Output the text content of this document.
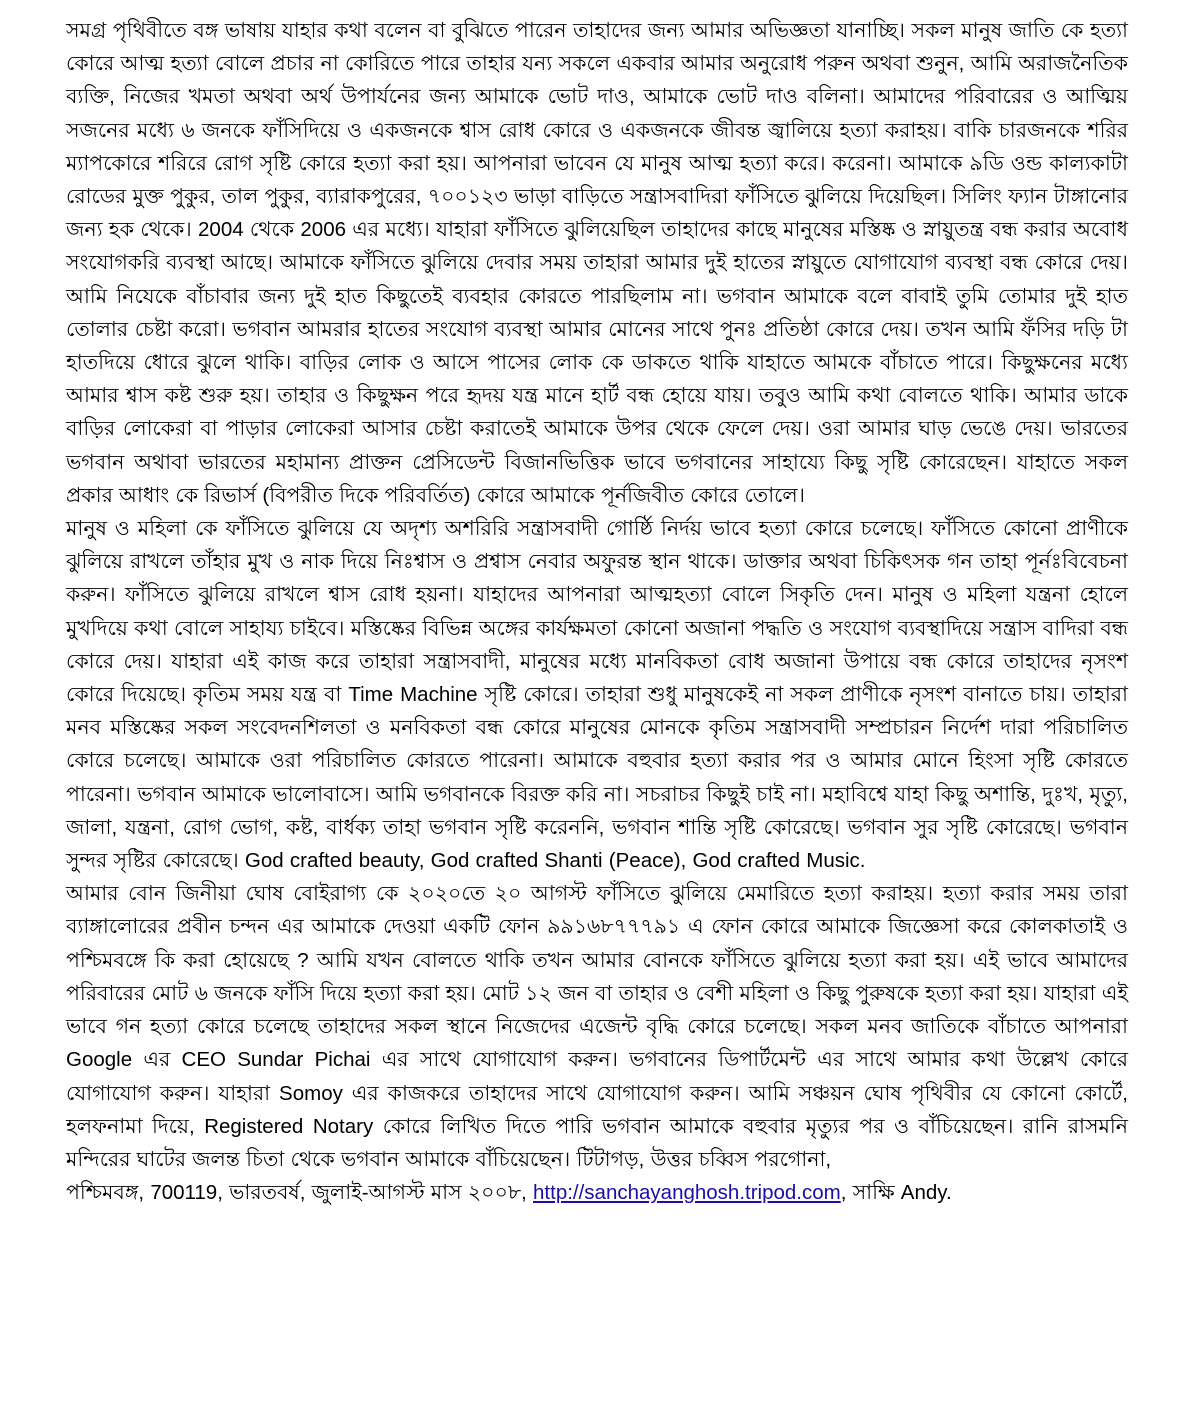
সমগ্র পৃথিবীতে বঙ্গ ভাষায় যাহার কথা বলেন বা বুঝিতে পারেন তাহাদের জন্য আমার অভিজ্ঞতা যানাচ্ছি। সকল মানুষ জাতি কে হত্যা কোরে আত্ম হত্যা বোলে প্রচার না কোরিতে পারে তাহার যন্য সকলে একবার আমার অনুরোধ পরুন অথবা শুনুন, আমি অরাজনৈতিক ব্যক্তি, নিজের খমতা অথবা অর্থ উপার্যনের জন্য আমাকে ভোট দাও, আমাকে ভোট দাও বলিনা। আমাদের পরিবারের ও আত্মিয় সজনের মধ্যে ৬ জনকে ফাঁসিদিয়ে ও একজনকে শ্বাস রোধ কোরে ও একজনকে জীবন্ত জ্বালিয়ে হত্যা করাহয়। বাকি চারজনকে শরির ম্যাপকোরে শরিরে রোগ সৃষ্টি কোরে হত্যা করা হয়। আপনারা ভাবেন যে মানুষ আত্ম হত্যা করে। করেনা। আমাকে ৯ডি ওন্ড কাল্যকাটা রোডের মুক্ত পুকুর, তাল পুকুর, ব্যারাকপুরের, ৭০০১২৩ ভাড়া বাড়িতে সন্ত্রাসবাদিরা ফাঁসিতে ঝুলিয়ে দিয়েছিল। সিলিং ফ্যান টাঙ্গানোর জন্য হক থেকে। 2004 থেকে 2006 এর মধ্যে। যাহারা ফাঁসিতে ঝুলিয়েছিল তাহাদের কাছে মানুষের মস্তিষ্ক ও স্নায়ুতন্ত্র বন্ধ করার অবোধ সংযোগকরি ব্যবস্থা আছে। আমাকে ফাঁসিতে ঝুলিয়ে দেবার সময় তাহারা আমার দুই হাতের স্নায়ুতে যোগাযোগ ব্যবস্থা বন্ধ কোরে দেয়। আমি নিযেকে বাঁচাবার জন্য দুই হাত কিছুতেই ব্যবহার কোরতে পারছিলাম না। ভগবান আমাকে বলে বাবাই তুমি তোমার দুই হাত তোলার চেষ্টা করো। ভগবান আমরার হাতের সংযোগ ব্যবস্থা আমার মোনের সাথে পুনঃ প্রতিষ্ঠা কোরে দেয়। তখন আমি ফঁসির দড়ি টা হাতদিয়ে ধোরে ঝুলে থাকি। বাড়ির লোক ও আসে পাসের লোক কে ডাকতে থাকি যাহাতে আমকে বাঁচাতে পারে। কিছুক্ষনের মধ্যে আমার শ্বাস কষ্ট শুরু হয়। তাহার ও কিছুক্ষন পরে হৃদয় যন্ত্র মানে হার্ট বন্ধ হোয়ে যায়। তবুও আমি কথা বোলতে থাকি। আমার ডাকে বাড়ির লোকেরা বা পাড়ার লোকেরা আসার চেষ্টা করাতেই আমাকে উপর থেকে ফেলে দেয়। ওরা আমার ঘাড় ভেঙে দেয়। ভারতের ভগবান অথাবা ভারতের মহামান্য প্রাক্তন প্রেসিডেন্ট বিজানভিত্তিক ভাবে ভগবানের সাহায্যে কিছু সৃষ্টি কোরেছেন। যাহাতে সকল প্রকার আধাং কে রিভার্স (বিপরীত দিকে পরিবর্তিত) কোরে আমাকে পূর্নজিবীত কোরে তোলে।

মানুষ ও মহিলা কে ফাঁসিতে ঝুলিয়ে যে অদৃশ্য অশরিরি সন্ত্রাসবাদী গোর্ষ্ঠি নির্দয় ভাবে হত্যা কোরে চলেছে। ফাঁসিতে কোনো প্রাণীকে ঝুলিয়ে রাখলে তাঁহার মুখ ও নাক দিয়ে নিঃশ্বাস ও প্রশ্বাস নেবার অফুরন্ত স্থান থাকে। ডাক্তার অথবা চিকিৎসক গন তাহা পূর্নঃবিবেচনা করুন। ফাঁসিতে ঝুলিয়ে রাখলে শ্বাস রোধ হয়না। যাহাদের আপনারা আত্মহত্যা বোলে সিকৃতি দেন। মানুষ ও মহিলা যন্ত্রনা হোলে মুখদিয়ে কথা বোলে সাহায্য চাইবে। মস্তিষ্কের বিভিন্ন অঙ্গের কার্যক্ষমতা কোনো অজানা পদ্ধতি ও সংযোগ ব্যবস্থাদিয়ে সন্ত্রাস বাদিরা বন্ধ কোরে দেয়। যাহারা এই কাজ করে তাহারা সন্ত্রাসবাদী, মানুষের মধ্যে মানবিকতা বোধ অজানা উপায়ে বন্ধ কোরে তাহাদের নৃসংশ কোরে দিয়েছে। কৃতিম সময় যন্ত্র বা Time Machine সৃষ্টি কোরে। তাহারা শুধু মানুষকেই না সকল প্রাণীকে নৃসংশ বানাতে চায়। তাহারা মনব মস্তিষ্কের সকল সংবেদনশিলতা ও মনবিকতা বন্ধ কোরে মানুষের মোনকে কৃতিম সন্ত্রাসবাদী সম্প্রচারন নির্দেশ দারা পরিচালিত কোরে চলেছে। আমাকে ওরা পরিচালিত কোরতে পারেনা। আমাকে বহুবার হত্যা করার পর ও আমার মোনে হিংসা সৃষ্টি কোরতে পারেনা। ভগবান আমাকে ভালোবাসে। আমি ভগবানকে বিরক্ত করি না। সচরাচর কিছুই চাই না। মহাবিশ্বে যাহা কিছু অশান্তি, দুঃখ, মৃত্যু, জালা, যন্ত্রনা, রোগ ভোগ, কষ্ট, বার্ধক্য তাহা ভগবান সৃষ্টি করেননি, ভগবান শান্তি সৃষ্টি কোরেছে। ভগবান সুর সৃষ্টি কোরেছে। ভগবান সুন্দর সৃষ্টির কোরেছে। God crafted beauty, God crafted Shanti (Peace), God crafted Music.

আমার বোন জিনীয়া ঘোষ বোইরাগ্য কে ২০২০তে ২০ আগস্ট ফাঁসিতে ঝুলিয়ে মেমারিতে হত্যা করাহয়। হত্যা করার সময় তারা ব্যাঙ্গালোরের প্রবীন চন্দন এর আমাকে দেওয়া একটি ফোন ৯৯১৬৮৭৭৭৯১ এ ফোন কোরে আমাকে জিজ্ঞেসা করে কোলকাতাই ও পশ্চিমবঙ্গে কি করা হোয়েছে ? আমি যখন বোলতে থাকি তখন আমার বোনকে ফাঁসিতে ঝুলিয়ে হত্যা করা হয়। এই ভাবে আমাদের পরিবারের মোট ৬ জনকে ফাঁসি দিয়ে হত্যা করা হয়। মোট ১২ জন বা তাহার ও বেশী মহিলা ও কিছু পুরুষকে হত্যা করা হয়। যাহারা এই ভাবে গন হত্যা কোরে চলেছে তাহাদের সকল স্থানে নিজেদের এজেন্ট বৃদ্ধি কোরে চলেছে। সকল মনব জাতিকে বাঁচাতে আপনারা Google এর CEO Sundar Pichai এর সাথে যোগাযোগ করুন। ভগবানের ডিপার্টমেন্ট এর সাথে আমার কথা উল্লেখ কোরে যোগাযোগ করুন। যাহারা Somoy এর কাজকরে তাহাদের সাথে যোগাযোগ করুন। আমি সঞ্চয়ন ঘোষ পৃথিবীর যে কোনো কোর্টে, হলফনামা দিয়ে, Registered Notary কোরে লিখিত দিতে পারি ভগবান আমাকে বহুবার মৃত্যুর পর ও বাঁচিয়েছেন। রানি রাসমনি মন্দিরের ঘাটের জলন্ত চিতা থেকে ভগবান আমাকে বাঁচিয়েছেন। টিটাগড়, উত্তর চব্বিস পরগোনা,

পশ্চিমবঙ্গ, 700119, ভারতবর্ষ, জুলাই-আগস্ট মাস ২০০৮, http://sanchayanghosh.tripod.com, সাক্ষি Andy.
